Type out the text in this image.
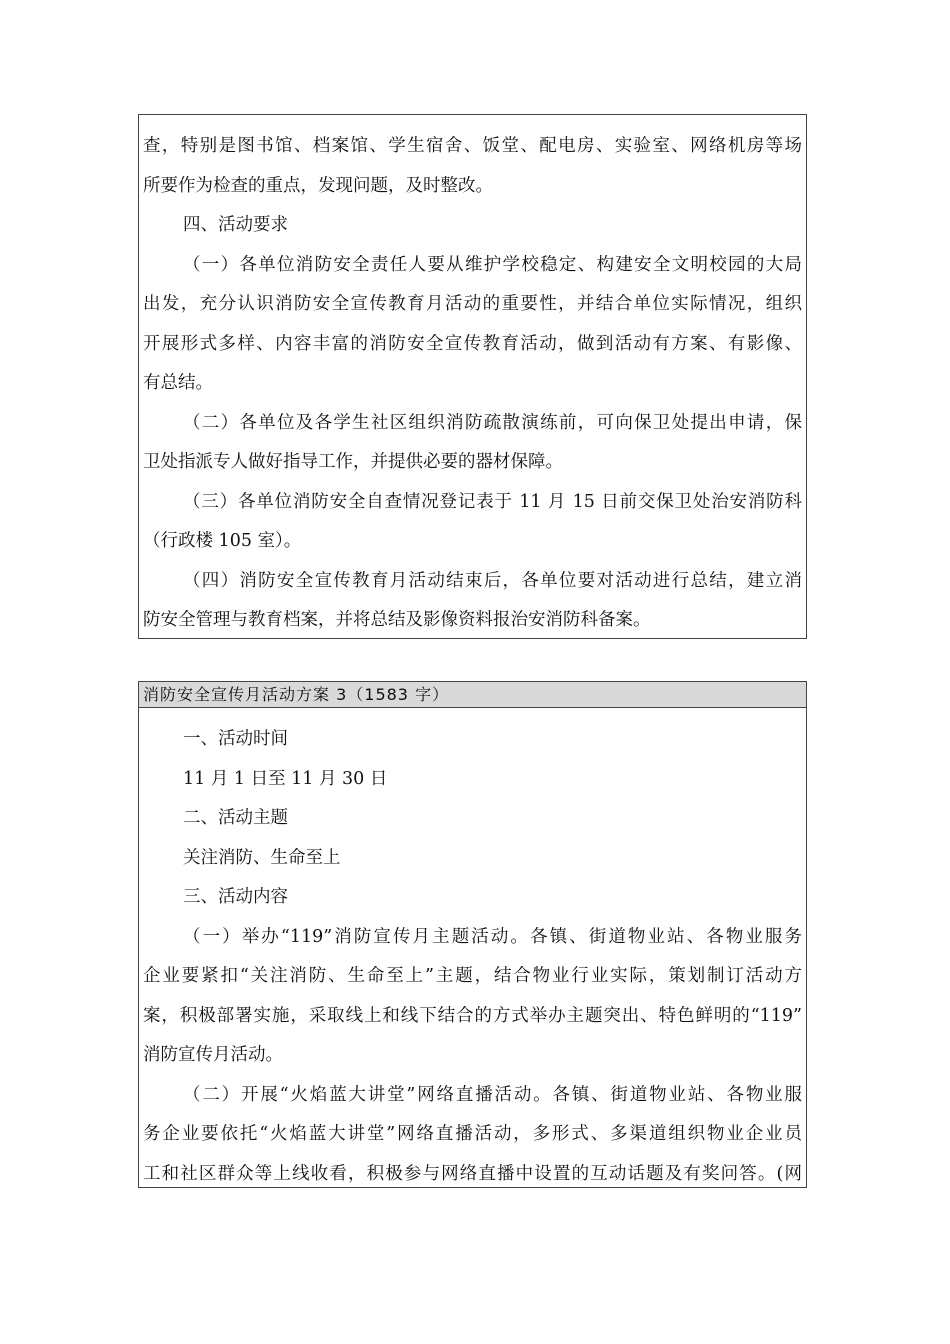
查，特别是图书馆、档案馆、学生宿舍、饭堂、配电房、实验室、网络机房等场

所要作为检查的重点，发现问题，及时整改。

四、活动要求

（一）各单位消防安全责任人要从维护学校稳定、构建安全文明校园的大局

出发，充分认识消防安全宣传教育月活动的重要性，并结合单位实际情况，组织

开展形式多样、内容丰富的消防安全宣传教育活动，做到活动有方案、有影像、

有总结。

（二）各单位及各学生社区组织消防疏散演练前，可向保卫处提出申请，保

卫处指派专人做好指导工作，并提供必要的器材保障。

（三）各单位消防安全自查情况登记表于 11 月 15 日前交保卫处治安消防科

（行政楼 105 室）。

（四）消防安全宣传教育月活动结束后，各单位要对活动进行总结，建立消

防安全管理与教育档案，并将总结及影像资料报治安消防科备案。

消防安全宣传月活动方案 3（1583 字）

一、活动时间

11 月 1 日至 11 月 30 日

二、活动主题

关注消防、生命至上

三、活动内容

（一）举办“119”消防宣传月主题活动。各镇、街道物业站、各物业服务

企业要紧扣“关注消防、生命至上”主题，结合物业行业实际，策划制订活动方

案，积极部署实施，采取线上和线下结合的方式举办主题突出、特色鲜明的“119”

消防宣传月活动。

（二）开展“火焰蓝大讲堂”网络直播活动。各镇、街道物业站、各物业服

务企业要依托“火焰蓝大讲堂”网络直播活动，多形式、多渠道组织物业企业员

工和社区群众等上线收看，积极参与网络直播中设置的互动话题及有奖问答。(网
